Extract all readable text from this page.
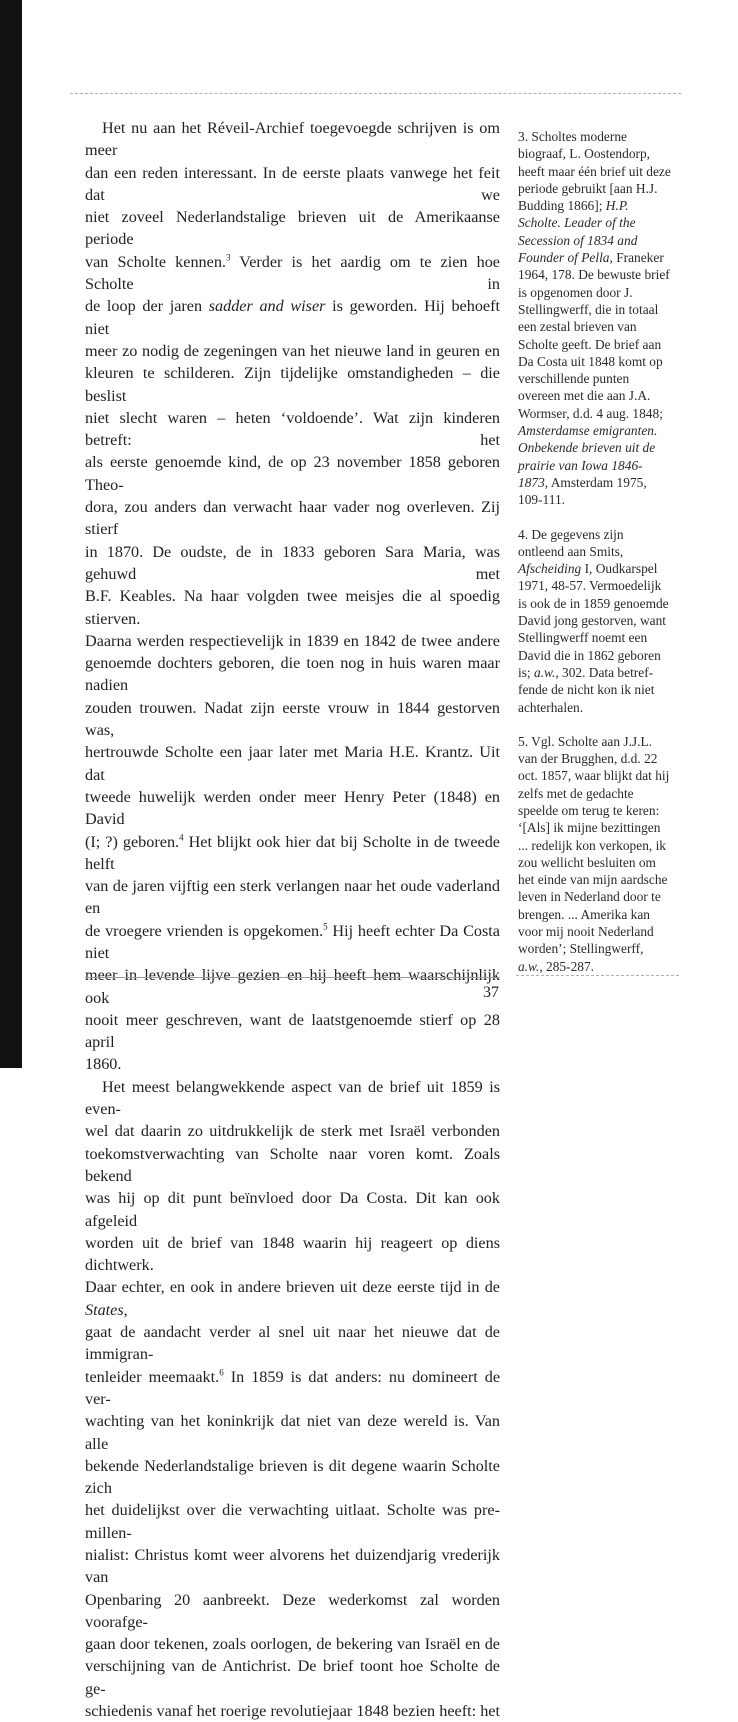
Het nu aan het Réveil-Archief toegevoegde schrijven is om meer
dan een reden interessant. In de eerste plaats vanwege het feit dat we
niet zoveel Nederlandstalige brieven uit de Amerikaanse periode
van Scholte kennen.$^3$ Verder is het aardig om te zien hoe Scholte in
de loop der jaren sadder and wiser is geworden. Hij behoeft niet
meer zo nodig de zegeningen van het nieuwe land in geuren en
kleuren te schilderen. Zijn tijdelijke omstandigheden – die beslist
niet slecht waren – heten ‘voldoende’. Wat zijn kinderen betreft: het
als eerste genoemde kind, de op 23 november 1858 geboren Theo-
dora, zou anders dan verwacht haar vader nog overleven. Zij stierf
in 1870. De oudste, de in 1833 geboren Sara Maria, was gehuwd met
B.F. Keables. Na haar volgden twee meisjes die al spoedig stierven.
Daarna werden respectievelijk in 1839 en 1842 de twee andere
genoemde dochters geboren, die toen nog in huis waren maar nadien
zouden trouwen. Nadat zijn eerste vrouw in 1844 gestorven was,
hertrouwde Scholte een jaar later met Maria H.E. Krantz. Uit dat
tweede huwelijk werden onder meer Henry Peter (1848) en David
(I; ?) geboren.$^4$ Het blijkt ook hier dat bij Scholte in de tweede helft
van de jaren vijftig een sterk verlangen naar het oude vaderland en
de vroegere vrienden is opgekomen.$^5$ Hij heeft echter Da Costa niet
meer in levende lijve gezien en hij heeft hem waarschijnlijk ook
nooit meer geschreven, want de laatstgenoemde stierf op 28 april
1860.

Het meest belangwekkende aspect van de brief uit 1859 is even-
wel dat daarin zo uitdrukkelijk de sterk met Israël verbonden
toekomstverwachting van Scholte naar voren komt. Zoals bekend
was hij op dit punt beïnvloed door Da Costa. Dit kan ook afgeleid
worden uit de brief van 1848 waarin hij reageert op diens dichtwerk.
Daar echter, en ook in andere brieven uit deze eerste tijd in de States,
gaat de aandacht verder al snel uit naar het nieuwe dat de immigran-
tenleider meemaakt.$^6$ In 1859 is dat anders: nu domineert de ver-
wachting van het koninkrijk dat niet van deze wereld is. Van alle
bekende Nederlandstalige brieven is dit degene waarin Scholte zich
het duidelijkst over die verwachting uitlaat. Scholte was pre-millen-
nialist: Christus komt weer alvorens het duizendjarig vrederijk van
Openbaring 20 aanbreekt. Deze wederkomst zal worden voorafge-
gaan door tekenen, zoals oorlogen, de bekering van Israël en de
verschijning van de Antichrist. De brief toont hoe Scholte de ge-
schiedenis vanaf het roerige revolutiejaar 1848 bezien heeft: het

3. Scholtes moderne
biograaf, L. Oostendorp,
heeft maar één brief uit deze
periode gebruikt [aan H.J.
Budding 1866]; H.P.
Scholte. Leader of the
Secession of 1834 and
Founder of Pella, Franeker
1964, 178. De bewuste brief
is opgenomen door J.
Stellingwerff, die in totaal
een zestal brieven van
Scholte geeft. De brief aan
Da Costa uit 1848 komt op
verschillende punten
overeen met die aan J.A.
Wormser, d.d. 4 aug. 1848;
Amsterdamse emigranten.
Onbekende brieven uit de
prairie van Iowa 1846-
1873, Amsterdam 1975,
109-111.
4. De gegevens zijn
ontleend aan Smits,
Afscheiding I, Oudkarspel
1971, 48-57. Vermoedelijk
is ook de in 1859 genoemde
David jong gestorven, want
Stellingwerff noemt een
David die in 1862 geboren
is; a.w., 302. Data betref-
fende de nicht kon ik niet
achterhalen.
5. Vgl. Scholte aan J.J.L.
van der Brugghen, d.d. 22
oct. 1857, waar blijkt dat hij
zelfs met de gedachte
speelde om terug te keren:
‘[Als] ik mijne bezittingen
... redelijk kon verkopen, ik
zou wellicht besluiten om
het einde van mijn aardsche
leven in Nederland door te
brengen. ... Amerika kan
voor mij nooit Nederland
worden’; Stellingwerff,
a.w., 285-287.
37
